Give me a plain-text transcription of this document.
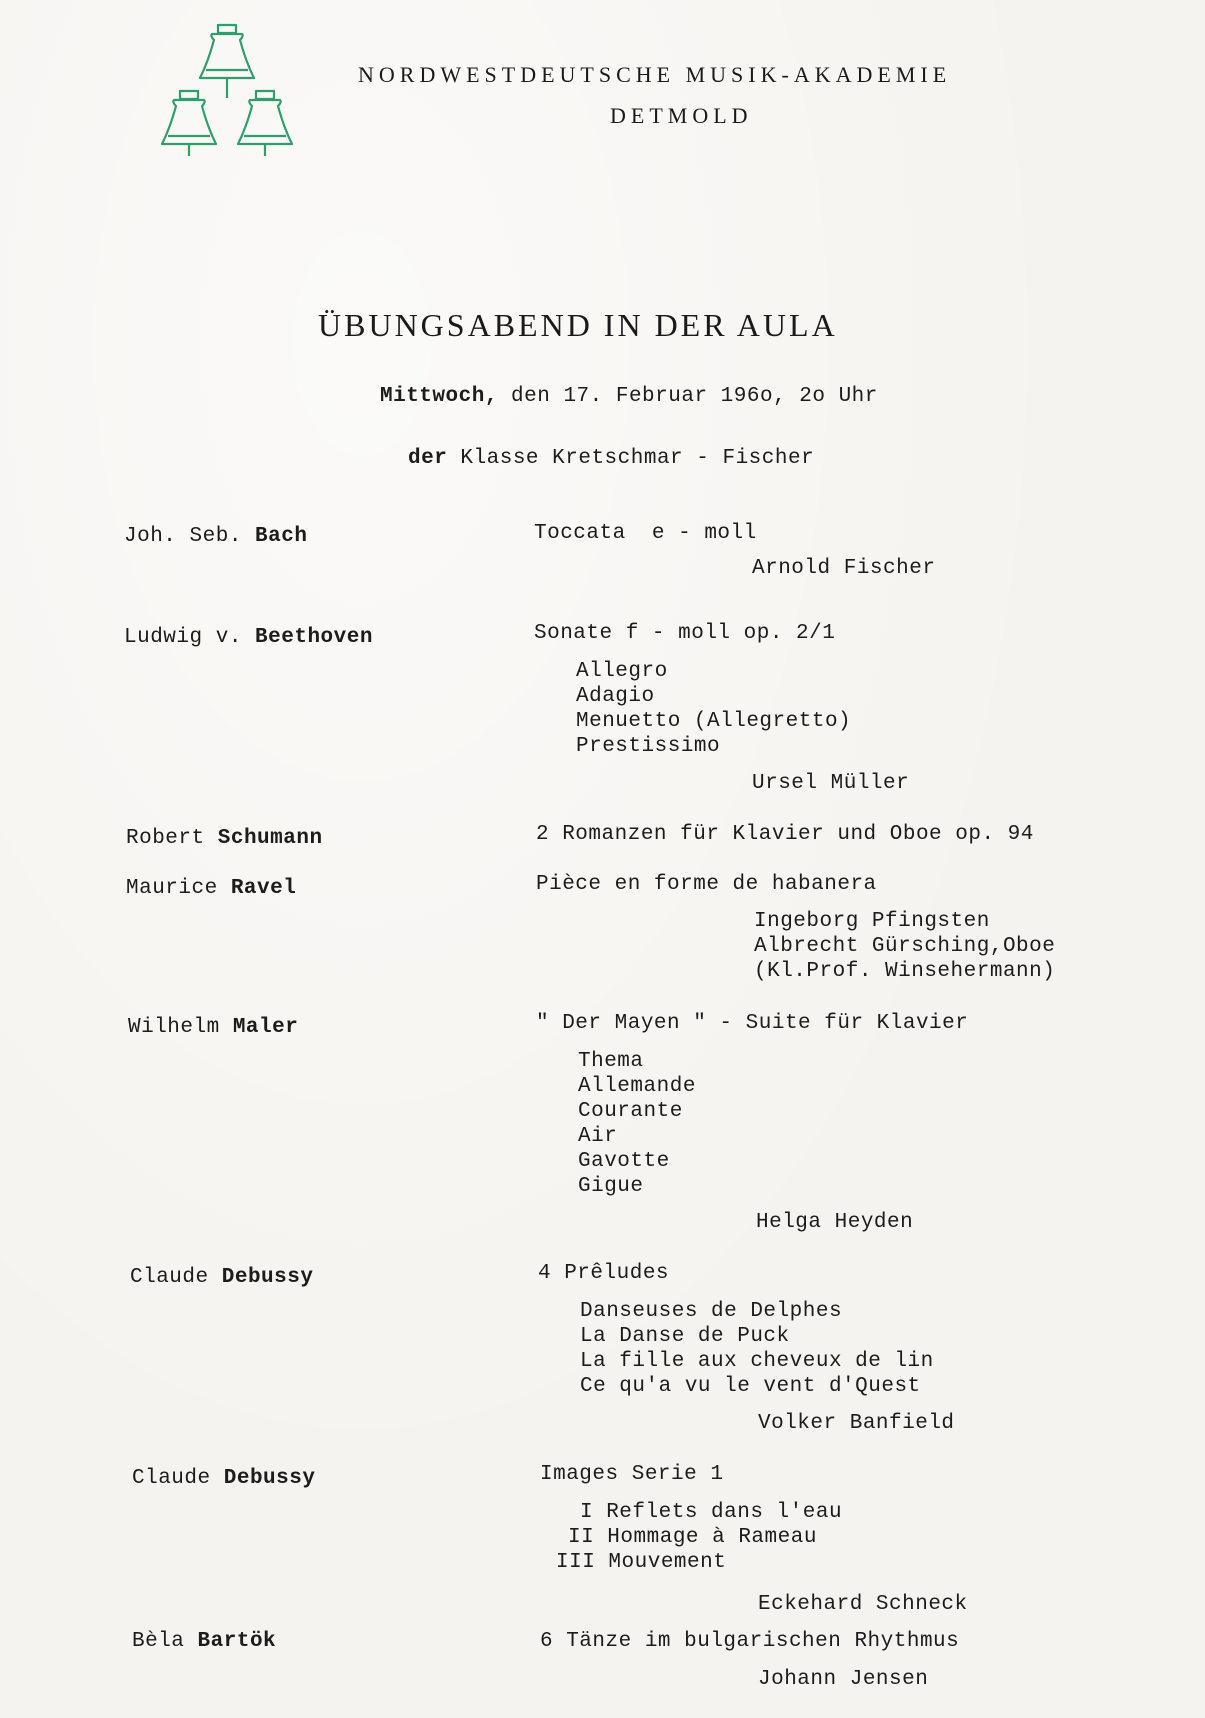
NORDWESTDEUTSCHE MUSIK-AKADEMIE
DETMOLD
ÜBUNGSABEND IN DER AULA
Mittwoch, den 17. Februar 196o, 2o Uhr
der Klasse Kretschmar - Fischer
Joh. Seb. Bach	Toccata  e - moll
Arnold Fischer
Ludwig v. Beethoven	Sonate f - moll op. 2/1
Allegro
Adagio
Menuetto (Allegretto)
Prestissimo
Ursel Müller
Robert Schumann	2 Romanzen für Klavier und Oboe op. 94
Maurice Ravel	Pièce en forme de habanera
Ingeborg Pfingsten
Albrecht Gürsching,Oboe
(Kl.Prof. Winsehermann)
Wilhelm Maler	" Der Mayen " - Suite für Klavier
Thema
Allemande
Courante
Air
Gavotte
Gigue
Helga Heyden
Claude Debussy	4 Prêludes
Danseuses de Delphes
La Danse de Puck
La fille aux cheveux de lin
Ce qu'a vu le vent d'Quest
Volker Banfield
Claude Debussy	Images Serie 1
I Reflets dans l'eau
II Hommage à Rameau
III Mouvement
Eckehard Schneck
Bèla Bartök	6 Tänze im bulgarischen Rhythmus
Johann Jensen
